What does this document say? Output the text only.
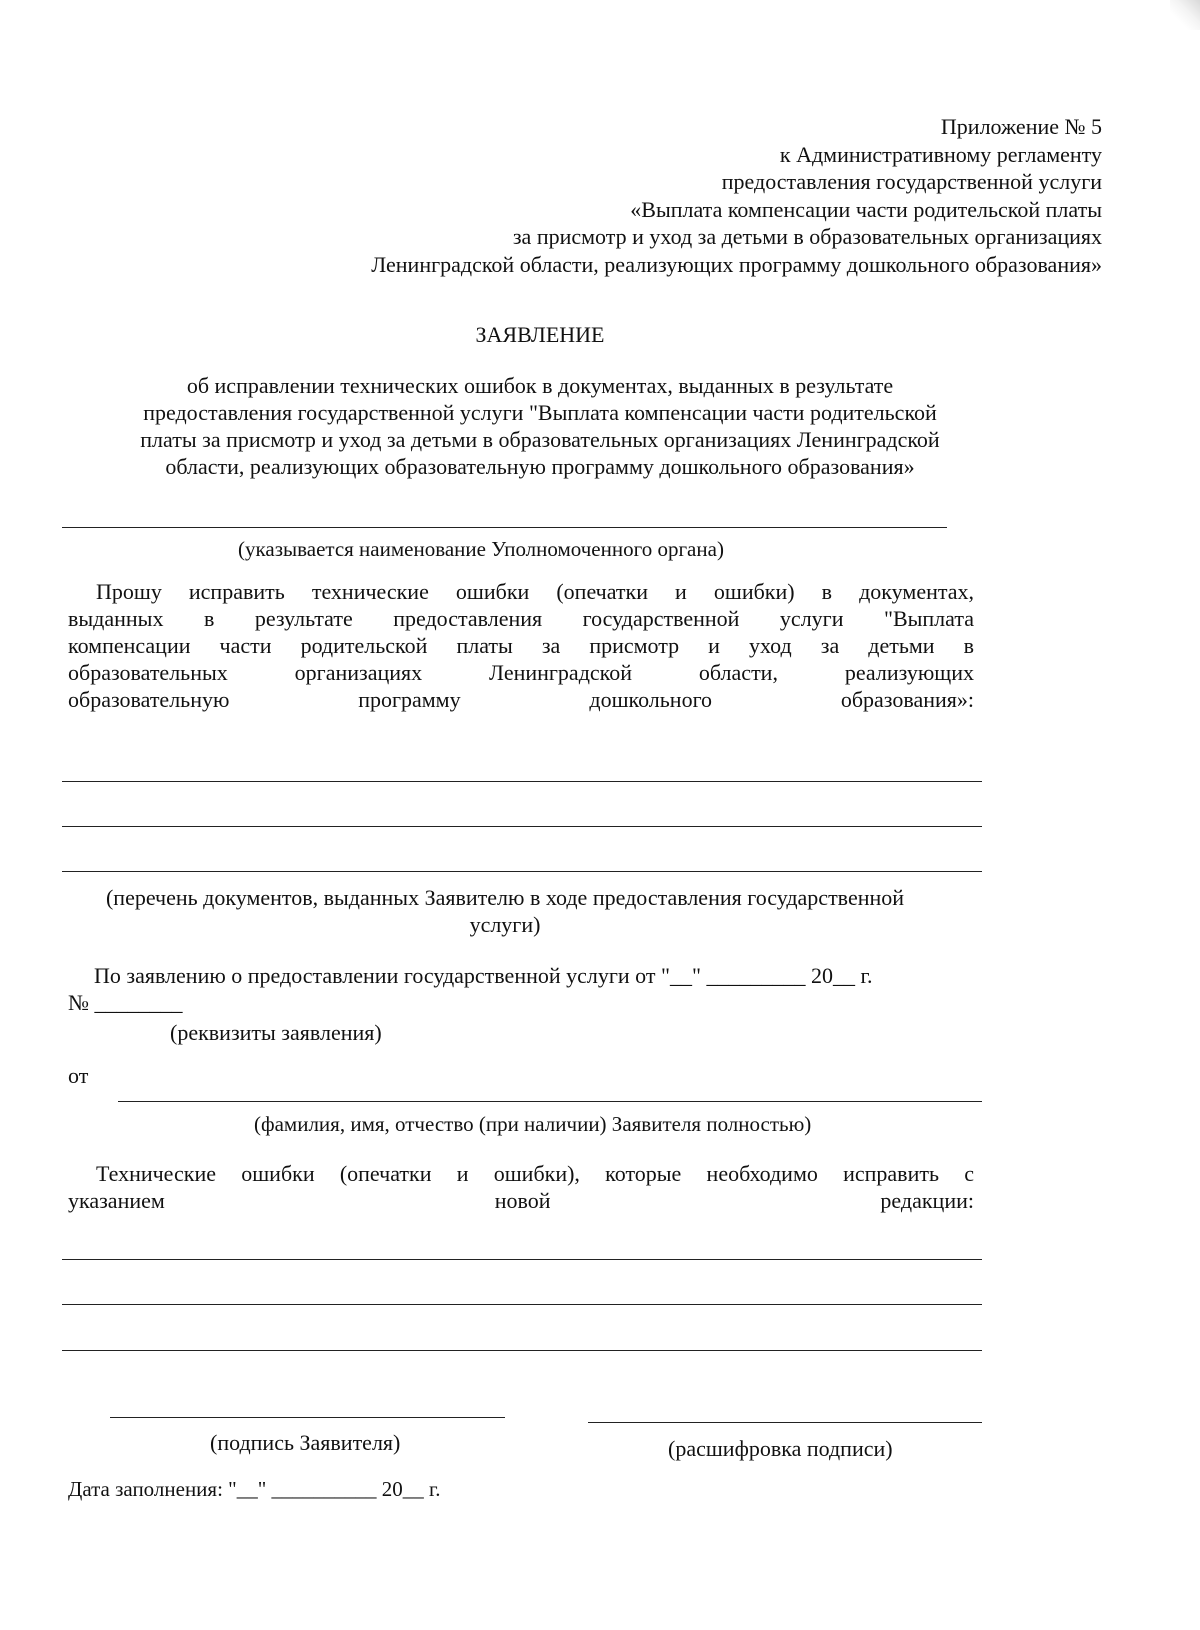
Приложение № 5
к Административному регламенту
предоставления государственной услуги
«Выплата компенсации части родительской платы
за присмотр и уход за детьми в образовательных организациях
Ленинградской области, реализующих программу дошкольного образования»
ЗАЯВЛЕНИЕ
об исправлении технических ошибок в документах, выданных в результате
предоставления государственной услуги "Выплата компенсации части родительской
платы за присмотр и уход за детьми в образовательных организациях Ленинградской
области, реализующих образовательную программу дошкольного образования»
(указывается наименование Уполномоченного органа)
Прошу исправить технические ошибки (опечатки и ошибки) в документах,
выданных в результате предоставления государственной услуги "Выплата
компенсации части родительской платы за присмотр и уход за детьми в
образовательных организациях Ленинградской области, реализующих
образовательную программу дошкольного образования»:
(перечень документов, выданных Заявителю в ходе предоставления государственной
услуги)
По заявлению о предоставлении государственной услуги от "__" _________ 20__ г.
№ ________
(реквизиты заявления)
от
(фамилия, имя, отчество (при наличии) Заявителя полностью)
Технические ошибки (опечатки и ошибки), которые необходимо исправить с
указанием новой редакции:
(подпись Заявителя)	(расшифровка подписи)
Дата заполнения: "__" __________ 20__ г.
